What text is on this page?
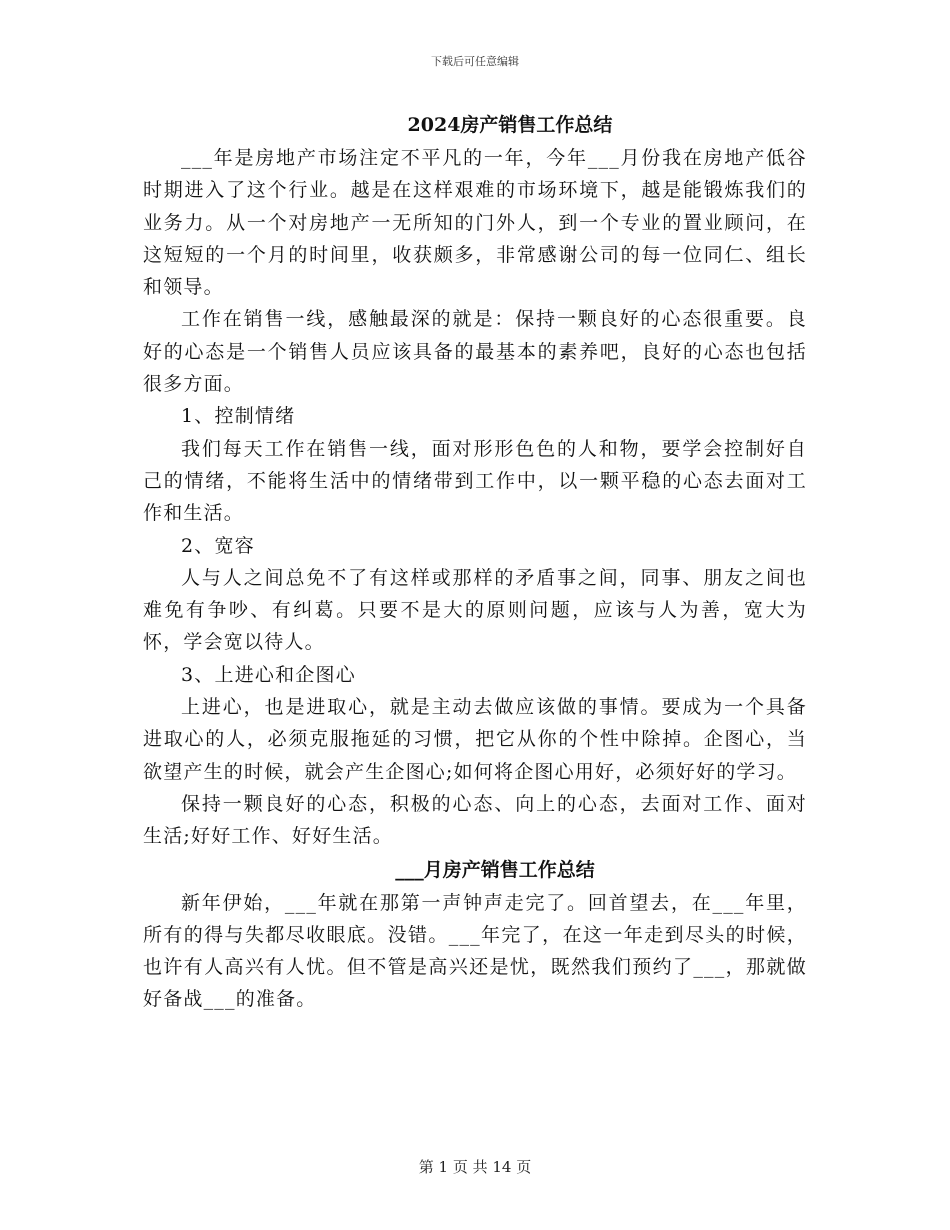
下载后可任意编辑

2024房产销售工作总结

___年是房地产市场注定不平凡的一年，今年___月份我在房地产低谷时期进入了这个行业。越是在这样艰难的市场环境下，越是能锻炼我们的业务力。从一个对房地产一无所知的门外人，到一个专业的置业顾问，在这短短的一个月的时间里，收获颇多，非常感谢公司的每一位同仁、组长和领导。

工作在销售一线，感触最深的就是：保持一颗良好的心态很重要。良好的心态是一个销售人员应该具备的最基本的素养吧，良好的心态也包括很多方面。

1、控制情绪

我们每天工作在销售一线，面对形形色色的人和物，要学会控制好自己的情绪，不能将生活中的情绪带到工作中，以一颗平稳的心态去面对工作和生活。

2、宽容

人与人之间总免不了有这样或那样的矛盾事之间，同事、朋友之间也难免有争吵、有纠葛。只要不是大的原则问题，应该与人为善，宽大为怀，学会宽以待人。

3、上进心和企图心

上进心，也是进取心，就是主动去做应该做的事情。要成为一个具备进取心的人，必须克服拖延的习惯，把它从你的个性中除掉。企图心，当欲望产生的时候，就会产生企图心;如何将企图心用好，必须好好的学习。

保持一颗良好的心态，积极的心态、向上的心态，去面对工作、面对生活;好好工作、好好生活。

___月房产销售工作总结

新年伊始，___年就在那第一声钟声走完了。回首望去，在___年里，所有的得与失都尽收眼底。没错。___年完了，在这一年走到尽头的时候，也许有人高兴有人忧。但不管是高兴还是忧，既然我们预约了___，那就做好备战___的准备。

第 1 页 共 14 页
